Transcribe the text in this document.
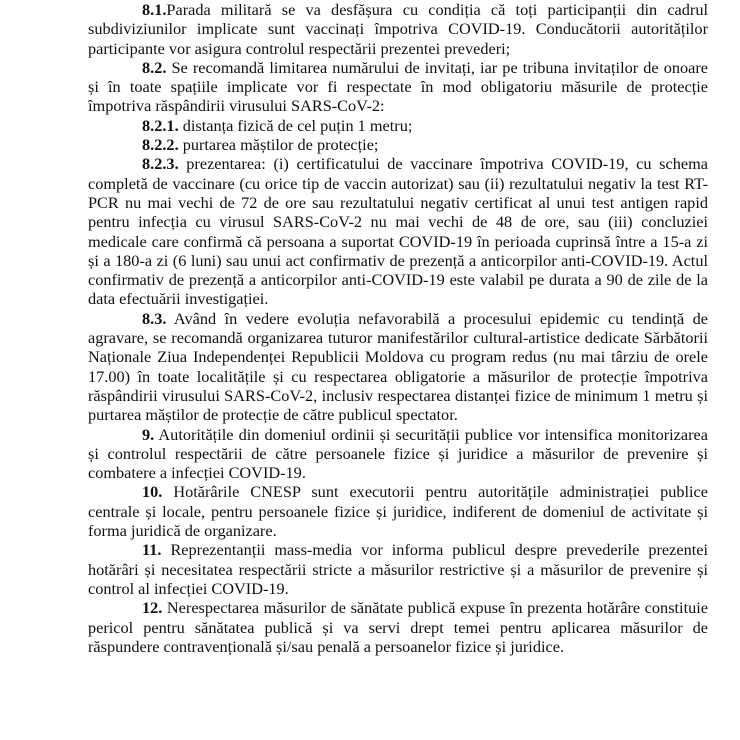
8.1.Parada militară se va desfășura cu condiția că toți participanții din cadrul subdiviziunilor implicate sunt vaccinați împotriva COVID-19. Conducătorii autorităților participante vor asigura controlul respectării prezentei prevederi;

8.2. Se recomandă limitarea numărului de invitați, iar pe tribuna invitaților de onoare și în toate spațiile implicate vor fi respectate în mod obligatoriu măsurile de protecție împotriva răspândirii virusului SARS-CoV-2:

8.2.1. distanța fizică de cel puțin 1 metru;

8.2.2. purtarea măștilor de protecție;

8.2.3. prezentarea: (i) certificatului de vaccinare împotriva COVID-19, cu schema completă de vaccinare (cu orice tip de vaccin autorizat) sau (ii) rezultatului negativ la test RT-PCR nu mai vechi de 72 de ore sau rezultatului negativ certificat al unui test antigen rapid pentru infecția cu virusul SARS-CoV-2 nu mai vechi de 48 de ore, sau (iii) concluziei medicale care confirmă că persoana a suportat COVID-19 în perioada cuprinsă între a 15-a zi și a 180-a zi (6 luni) sau unui act confirmativ de prezență a anticorpilor anti-COVID-19. Actul confirmativ de prezență a anticorpilor anti-COVID-19 este valabil pe durata a 90 de zile de la data efectuării investigației.

8.3. Având în vedere evoluția nefavorabilă a procesului epidemic cu tendință de agravare, se recomandă organizarea tuturor manifestărilor cultural-artistice dedicate Sărbătorii Naționale Ziua Independenței Republicii Moldova cu program redus (nu mai târziu de orele 17.00) în toate localitățile și cu respectarea obligatorie a măsurilor de protecție împotriva răspândirii virusului SARS-CoV-2, inclusiv respectarea distanței fizice de minimum 1 metru și purtarea măștilor de protecție de către publicul spectator.

9. Autoritățile din domeniul ordinii și securității publice vor intensifica monitorizarea și controlul respectării de către persoanele fizice și juridice a măsurilor de prevenire și combatere a infecției COVID-19.

10. Hotărârile CNESP sunt executorii pentru autoritățile administrației publice centrale și locale, pentru persoanele fizice și juridice, indiferent de domeniul de activitate și forma juridică de organizare.

11. Reprezentanții mass-media vor informa publicul despre prevederile prezentei hotărâri și necesitatea respectării stricte a măsurilor restrictive și a măsurilor de prevenire și control al infecției COVID-19.

12. Nerespectarea măsurilor de sănătate publică expuse în prezenta hotărâre constituie pericol pentru sănătatea publică și va servi drept temei pentru aplicarea măsurilor de răspundere contravențională și/sau penală a persoanelor fizice și juridice.
